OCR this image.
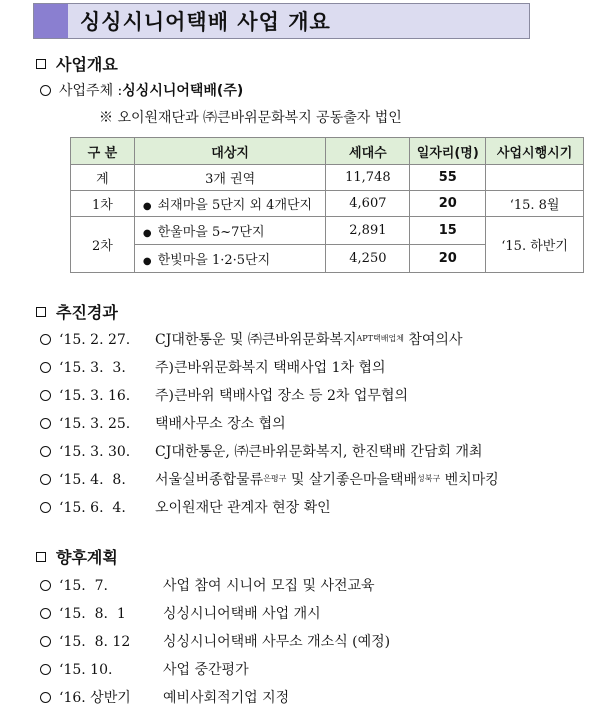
싱싱시니어택배 사업 개요
사업개요
사업주체 : 싱싱시니어택배(주)
※ 오이원재단과 ㈜큰바위문화복지 공동출자 법인
구 분	대상지	세대수	일자리(명)	사업시행시기
계	3개 권역	11,748	55	
1차	● 쇠재마을 5단지 외 4개단지	4,607	20	‘15. 8월
2차	● 한울마을 5~7단지	2,891	15	‘15. 하반기
	● 한빛마을 1·2·5단지	4,250	20	
추진경과
‘15. 2. 27.	CJ대한통운 및 ㈜큰바위문화복지$^{APT택배업체}$ 참여의사
‘15. 3.  3.	주)큰바위문화복지 택배사업 1차 협의
‘15. 3. 16.	주)큰바위 택배사업 장소 등 2차 업무협의
‘15. 3. 25.	택배사무소 장소 협의
‘15. 3. 30.	CJ대한통운, ㈜큰바위문화복지, 한진택배 간담회 개최
‘15. 4.  8.	서울실버종합물류$^{은평구}$ 및 살기좋은마을택배$^{성북구}$ 벤치마킹
‘15. 6.  4.	오이원재단 관계자 현장 확인
향후계획
‘15.  7.	사업 참여 시니어 모집 및 사전교육
‘15.  8.  1	싱싱시니어택배 사업 개시
‘15.  8. 12	싱싱시니어택배 사무소 개소식 (예정)
‘15. 10.	사업 중간평가
‘16. 상반기	예비사회적기업 지정
